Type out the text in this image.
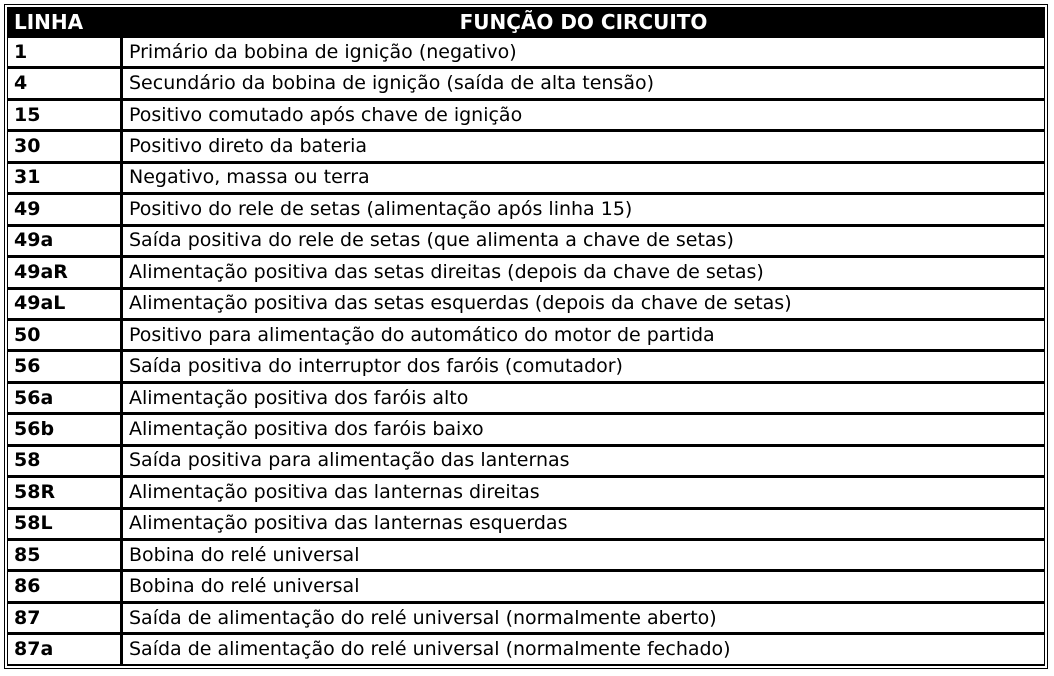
LINHA	FUNÇÃO DO CIRCUITO
1	Primário da bobina de ignição (negativo)
4	Secundário da bobina de ignição (saída de alta tensão)
15	Positivo comutado após chave de ignição
30	Positivo direto da bateria
31	Negativo, massa ou terra
49	Positivo do rele de setas (alimentação após linha 15)
49a	Saída positiva do rele de setas (que alimenta a chave de setas)
49aR	Alimentação positiva das setas direitas (depois da chave de setas)
49aL	Alimentação positiva das setas esquerdas (depois da chave de setas)
50	Positivo para alimentação do automático do motor de partida
56	Saída positiva do interruptor dos faróis (comutador)
56a	Alimentação positiva dos faróis alto
56b	Alimentação positiva dos faróis baixo
58	Saída positiva para alimentação das lanternas
58R	Alimentação positiva das lanternas direitas
58L	Alimentação positiva das lanternas esquerdas
85	Bobina do relé universal
86	Bobina do relé universal
87	Saída de alimentação do relé universal (normalmente aberto)
87a	Saída de alimentação do relé universal (normalmente fechado)
